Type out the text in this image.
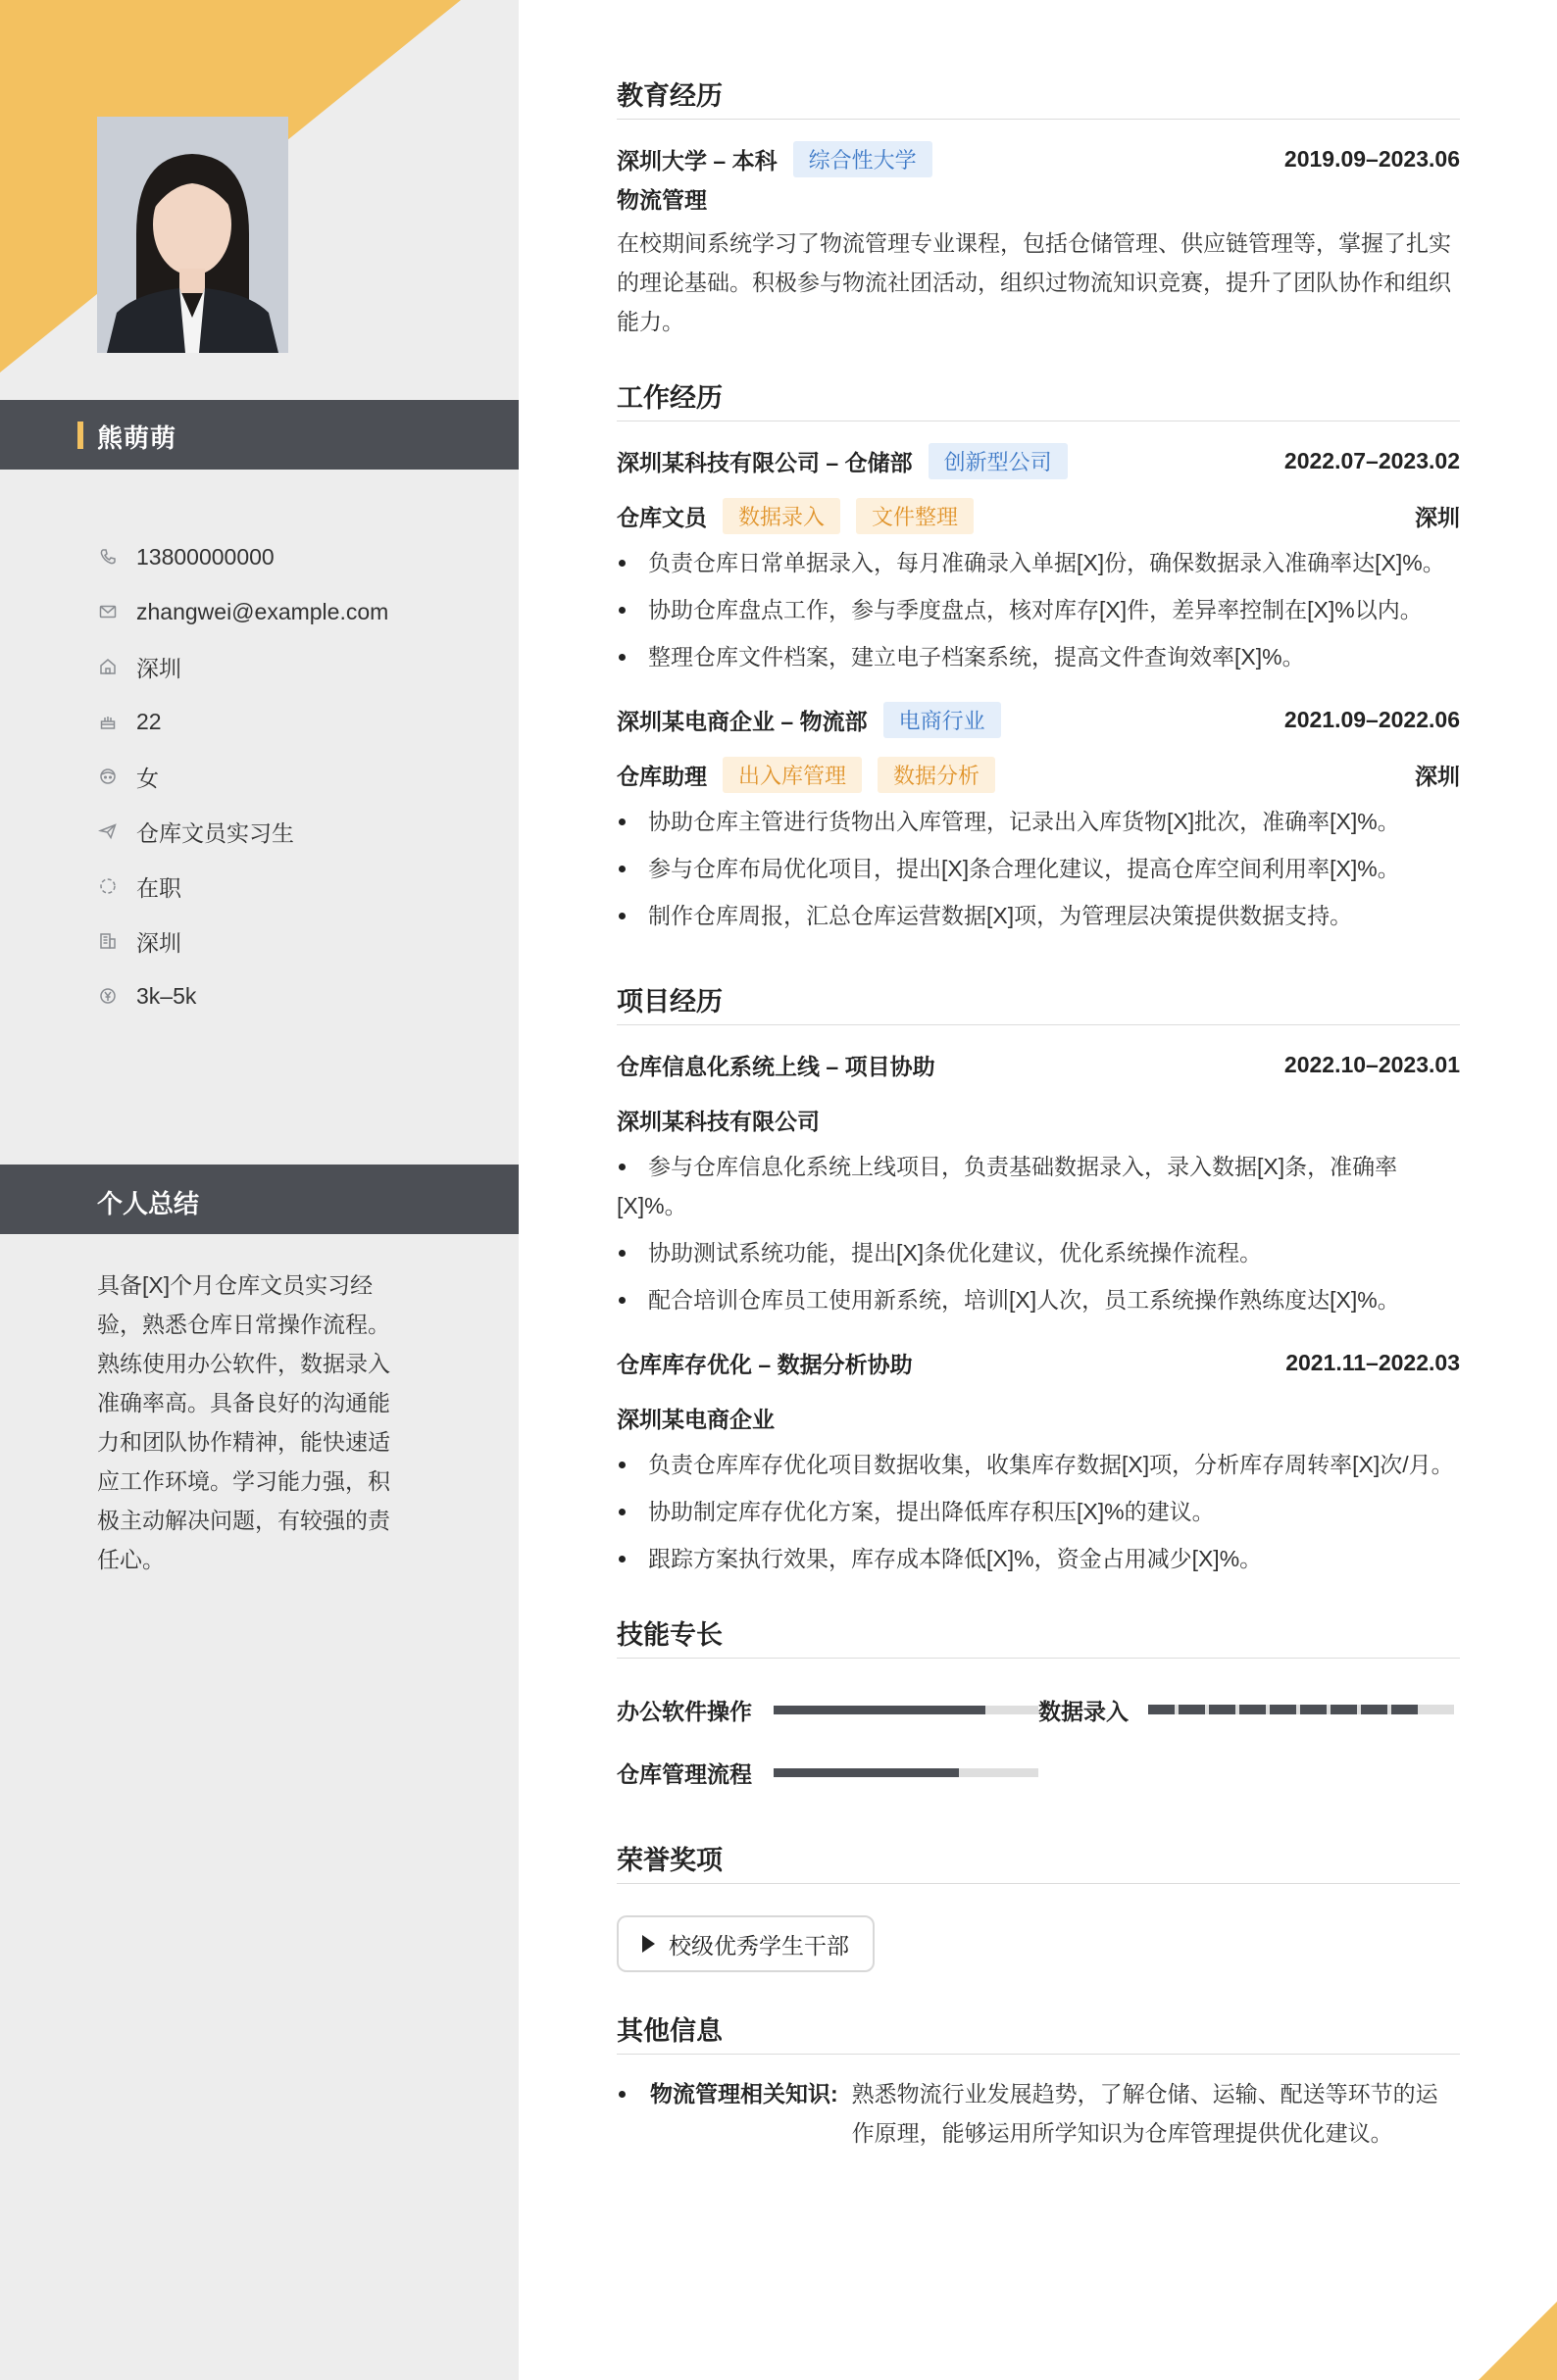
熊萌萌
13800000000
zhangwei@example.com
深圳
22
女
仓库文员实习生
在职
深圳
3k–5k
个人总结
具备[X]个月仓库文员实习经验，熟悉仓库日常操作流程。熟练使用办公软件，数据录入准确率高。具备良好的沟通能力和团队协作精神，能快速适应工作环境。学习能力强，积极主动解决问题，有较强的责任心。
教育经历
深圳大学 – 本科	综合性大学	2019.09–2023.06
物流管理

在校期间系统学习了物流管理专业课程，包括仓储管理、供应链管理等，掌握了扎实的理论基础。积极参与物流社团活动，组织过物流知识竞赛，提升了团队协作和组织能力。

工作经历
深圳某科技有限公司 – 仓储部	创新型公司	2022.07–2023.02
仓库文员	数据录入	文件整理	深圳
负责仓库日常单据录入，每月准确录入单据[X]份，确保数据录入准确率达[X]%。
协助仓库盘点工作，参与季度盘点，核对库存[X]件，差异率控制在[X]%以内。
整理仓库文件档案，建立电子档案系统，提高文件查询效率[X]%。
深圳某电商企业 – 物流部	电商行业	2021.09–2022.06
仓库助理	出入库管理	数据分析	深圳
协助仓库主管进行货物出入库管理，记录出入库货物[X]批次，准确率[X]%。
参与仓库布局优化项目，提出[X]条合理化建议，提高仓库空间利用率[X]%。
制作仓库周报，汇总仓库运营数据[X]项，为管理层决策提供数据支持。
项目经历
仓库信息化系统上线 – 项目协助	2022.10–2023.01
深圳某科技有限公司
参与仓库信息化系统上线项目，负责基础数据录入，录入数据[X]条，准确率[X]%。
协助测试系统功能，提出[X]条优化建议，优化系统操作流程。
配合培训仓库员工使用新系统，培训[X]人次，员工系统操作熟练度达[X]%。
仓库库存优化 – 数据分析协助	2021.11–2022.03
深圳某电商企业
负责仓库库存优化项目数据收集，收集库存数据[X]项，分析库存周转率[X]次/月。
协助制定库存优化方案，提出降低库存积压[X]%的建议。
跟踪方案执行效果，库存成本降低[X]%，资金占用减少[X]%。
技能专长
办公软件操作	数据录入
仓库管理流程
荣誉奖项
校级优秀学生干部
其他信息
物流管理相关知识: 熟悉物流行业发展趋势，了解仓储、运输、配送等环节的运作原理，能够运用所学知识为仓库管理提供优化建议。
